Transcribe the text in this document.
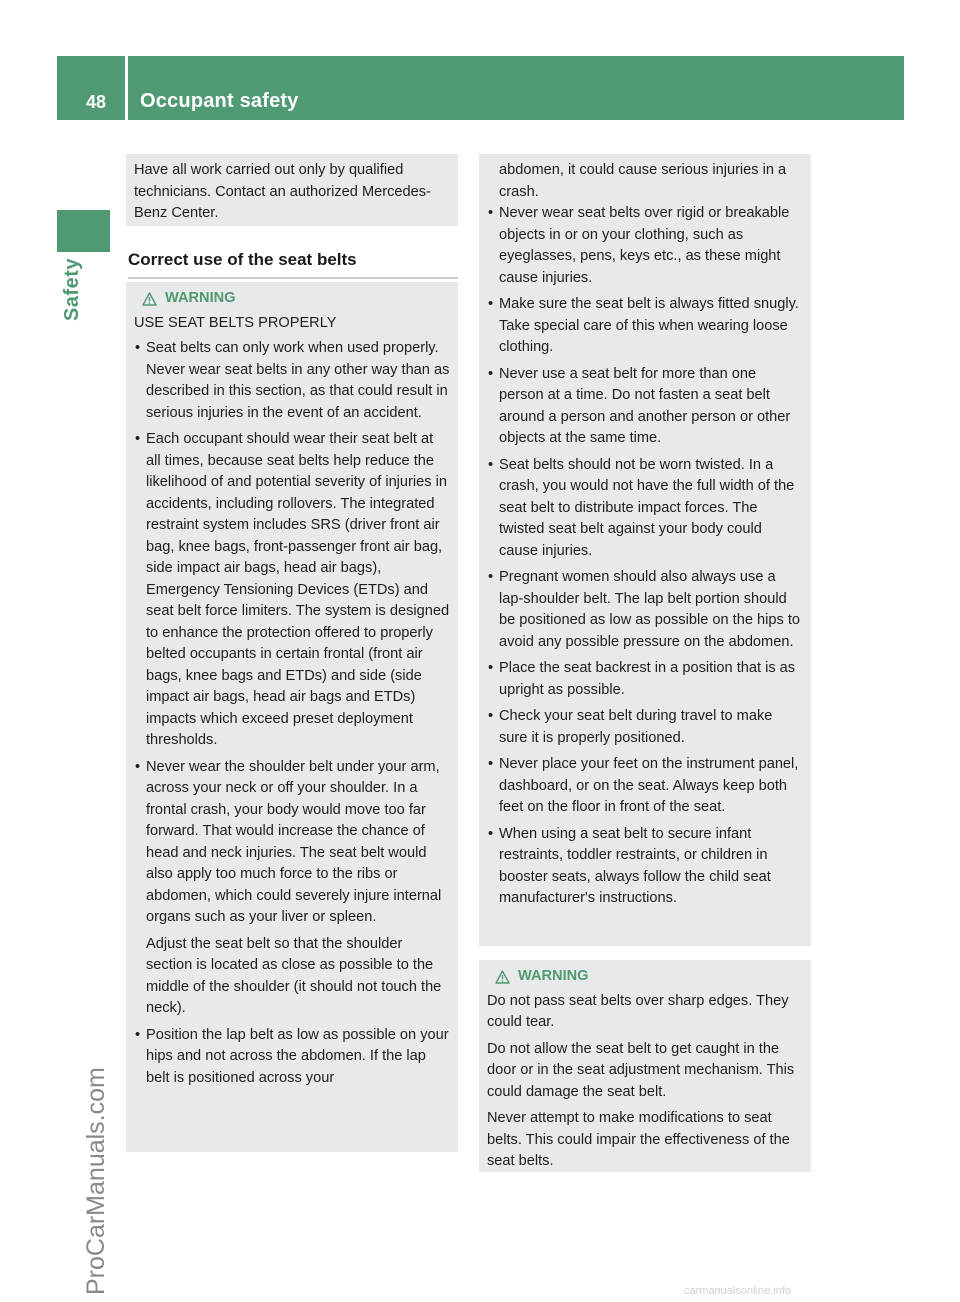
48 Occupant safety
Safety
ProCarManuals.com	carmanualsonline.info

Have all work carried out only by qualified technicians. Contact an authorized Mercedes-Benz Center.

Correct use of the seat belts
WARNING

USE SEAT BELTS PROPERLY

• Seat belts can only work when used properly. Never wear seat belts in any other way than as described in this section, as that could result in serious injuries in the event of an accident.
• Each occupant should wear their seat belt at all times, because seat belts help reduce the likelihood of and potential severity of injuries in accidents, including rollovers. The integrated restraint system includes SRS (driver front air bag, knee bags, front-passenger front air bag, side impact air bags, head air bags), Emergency Tensioning Devices (ETDs) and seat belt force limiters. The system is designed to enhance the protection offered to properly belted occupants in certain frontal (front air bags, knee bags and ETDs) and side (side impact air bags, head air bags and ETDs) impacts which exceed preset deployment thresholds.
• Never wear the shoulder belt under your arm, across your neck or off your shoulder. In a frontal crash, your body would move too far forward. That would increase the chance of head and neck injuries. The seat belt would also apply too much force to the ribs or abdomen, which could severely injure internal organs such as your liver or spleen.
Adjust the seat belt so that the shoulder section is located as close as possible to the middle of the shoulder (it should not touch the neck).
• Position the lap belt as low as possible on your hips and not across the abdomen. If the lap belt is positioned across your

abdomen, it could cause serious injuries in a crash.

• Never wear seat belts over rigid or breakable objects in or on your clothing, such as eyeglasses, pens, keys etc., as these might cause injuries.
• Make sure the seat belt is always fitted snugly. Take special care of this when wearing loose clothing.
• Never use a seat belt for more than one person at a time. Do not fasten a seat belt around a person and another person or other objects at the same time.
• Seat belts should not be worn twisted. In a crash, you would not have the full width of the seat belt to distribute impact forces. The twisted seat belt against your body could cause injuries.
• Pregnant women should also always use a lap-shoulder belt. The lap belt portion should be positioned as low as possible on the hips to avoid any possible pressure on the abdomen.
• Place the seat backrest in a position that is as upright as possible.
• Check your seat belt during travel to make sure it is properly positioned.
• Never place your feet on the instrument panel, dashboard, or on the seat. Always keep both feet on the floor in front of the seat.
• When using a seat belt to secure infant restraints, toddler restraints, or children in booster seats, always follow the child seat manufacturer's instructions.
WARNING

Do not pass seat belts over sharp edges. They could tear.

Do not allow the seat belt to get caught in the door or in the seat adjustment mechanism. This could damage the seat belt.

Never attempt to make modifications to seat belts. This could impair the effectiveness of the seat belts.
